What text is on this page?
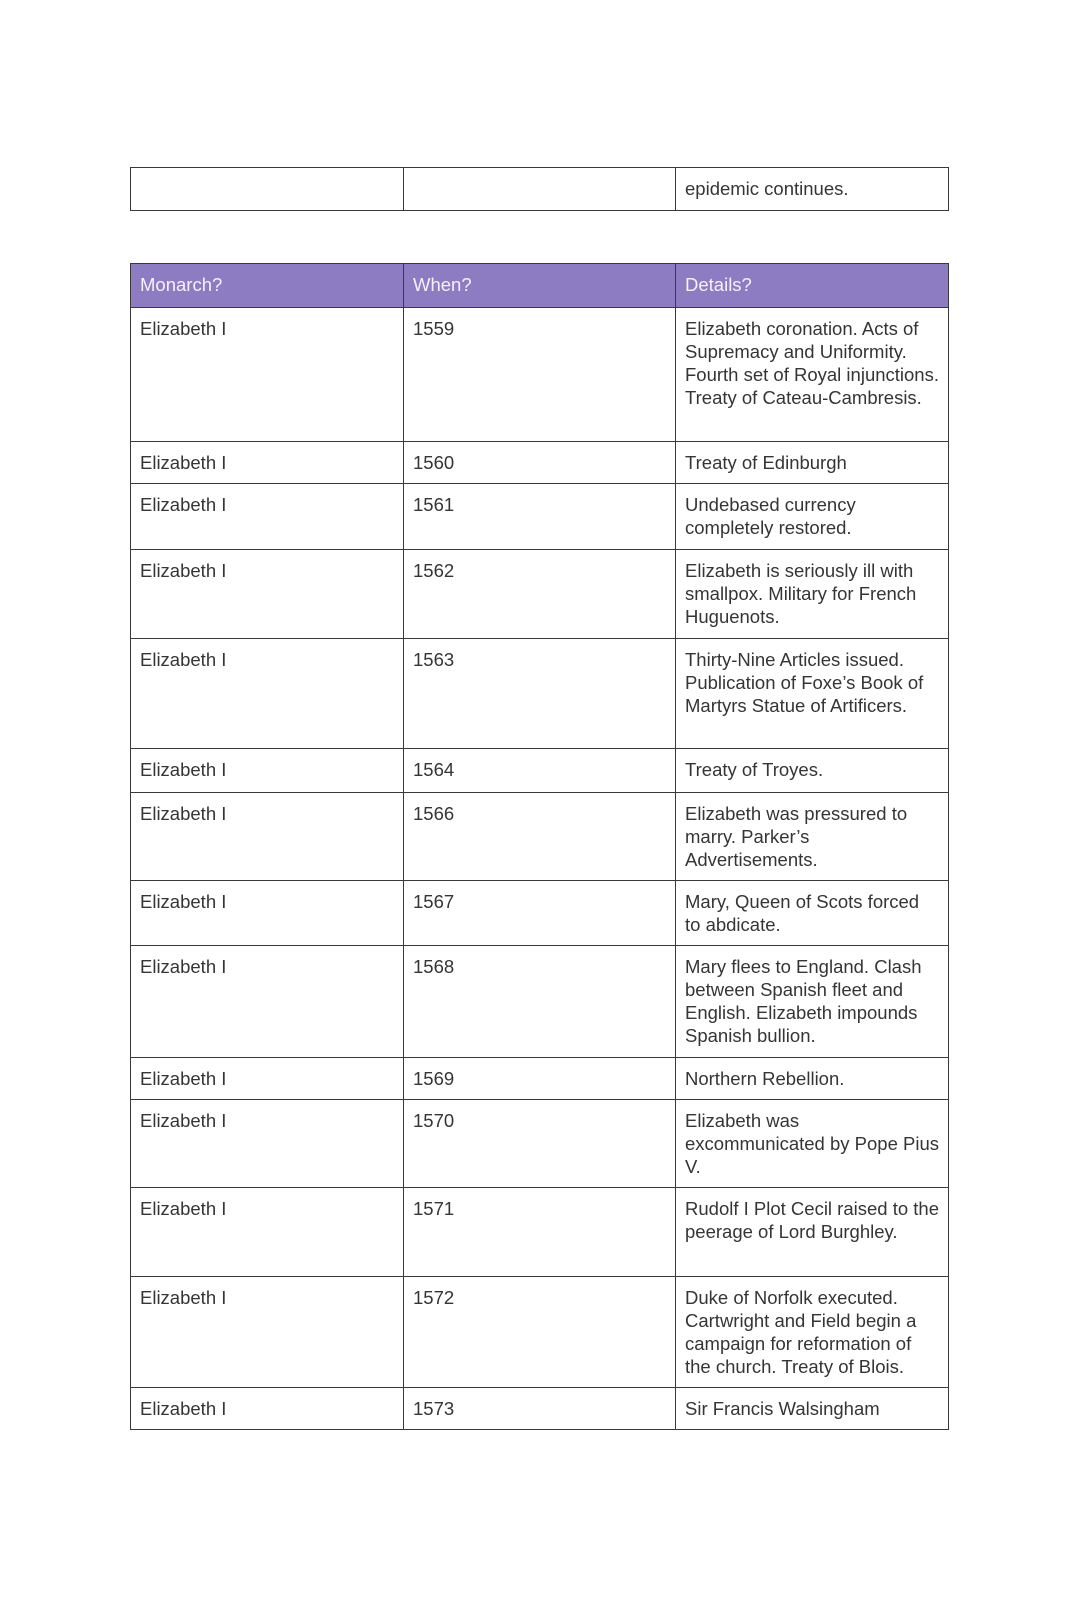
		epidemic continues.
Monarch?	When?	Details?
Elizabeth I	1559	Elizabeth coronation. Acts of Supremacy and Uniformity. Fourth set of Royal injunctions. Treaty of Cateau-Cambresis.
Elizabeth I	1560	Treaty of Edinburgh
Elizabeth I	1561	Undebased currency completely restored.
Elizabeth I	1562	Elizabeth is seriously ill with smallpox. Military for French Huguenots.
Elizabeth I	1563	Thirty-Nine Articles issued. Publication of Foxe’s Book of Martyrs Statue of Artificers.
Elizabeth I	1564	Treaty of Troyes.
Elizabeth I	1566	Elizabeth was pressured to marry. Parker’s Advertisements.
Elizabeth I	1567	Mary, Queen of Scots forced to abdicate.
Elizabeth I	1568	Mary flees to England. Clash between Spanish fleet and English. Elizabeth impounds Spanish bullion.
Elizabeth I	1569	Northern Rebellion.
Elizabeth I	1570	Elizabeth was excommunicated by Pope Pius V.
Elizabeth I	1571	Rudolf I Plot Cecil raised to the peerage of Lord Burghley.
Elizabeth I	1572	Duke of Norfolk executed. Cartwright and Field begin a campaign for reformation of the church. Treaty of Blois.
Elizabeth I	1573	Sir Francis Walsingham
